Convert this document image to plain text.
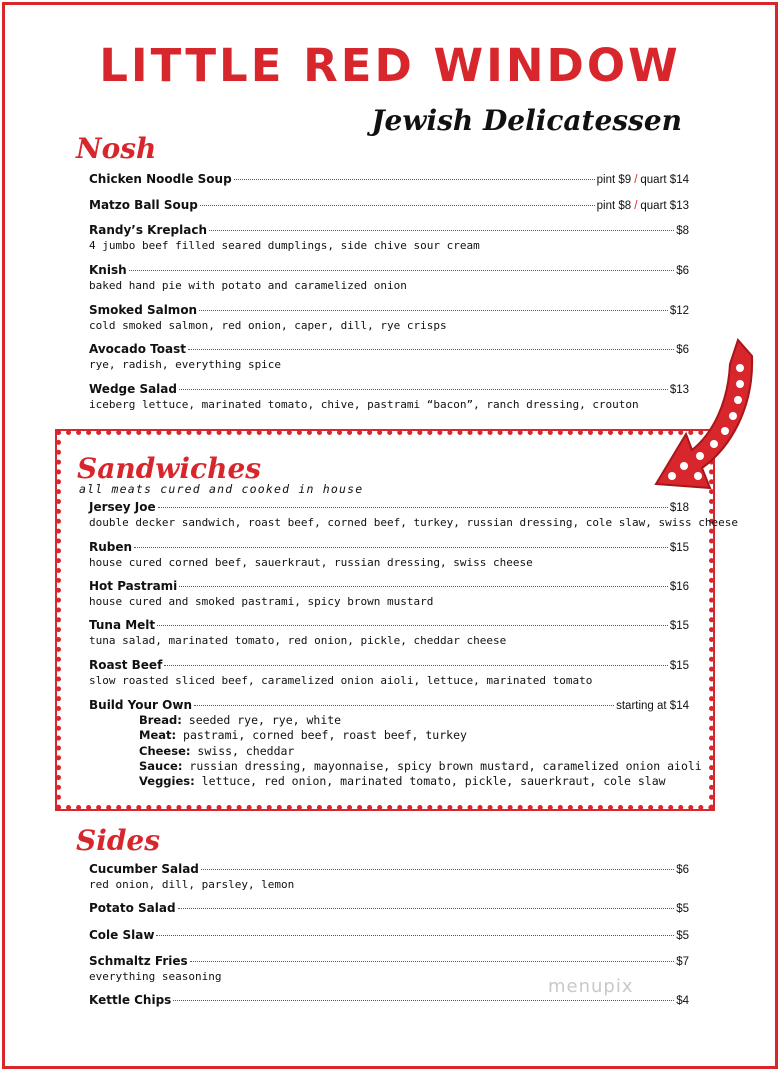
LITTLE RED WINDOW
Jewish Delicatessen
Nosh
Chicken Noodle Soup	pint $9 / quart $14
Matzo Ball Soup	pint $8 / quart $13
Randy’s Kreplach	$8
4 jumbo beef filled seared dumplings, side chive sour cream
Knish	$6
baked hand pie with potato and caramelized onion
Smoked Salmon	$12
cold smoked salmon, red onion, caper, dill, rye crisps
Avocado Toast	$6
rye, radish, everything spice
Wedge Salad	$13
iceberg lettuce, marinated tomato, chive, pastrami “bacon”, ranch dressing, crouton
Sandwiches
all meats cured and cooked in house
Jersey Joe	$18
double decker sandwich, roast beef, corned beef, turkey, russian dressing, cole slaw, swiss cheese
Ruben	$15
house cured corned beef, sauerkraut, russian dressing, swiss cheese
Hot Pastrami	$16
house cured and smoked pastrami, spicy brown mustard
Tuna Melt	$15
tuna salad, marinated tomato, red onion, pickle, cheddar cheese
Roast Beef	$15
slow roasted sliced beef, caramelized onion aioli, lettuce, marinated tomato
Build Your Own	starting at $14
Bread: seeded rye, rye, white
Meat: pastrami, corned beef, roast beef, turkey
Cheese: swiss, cheddar
Sauce: russian dressing, mayonnaise, spicy brown mustard, caramelized onion aioli
Veggies: lettuce, red onion, marinated tomato, pickle, sauerkraut, cole slaw
Sides
Cucumber Salad	$6
red onion, dill, parsley, lemon
Potato Salad	$5
Cole Slaw	$5
Schmaltz Fries	$7
everything seasoning
Kettle Chips	$4
menupix
